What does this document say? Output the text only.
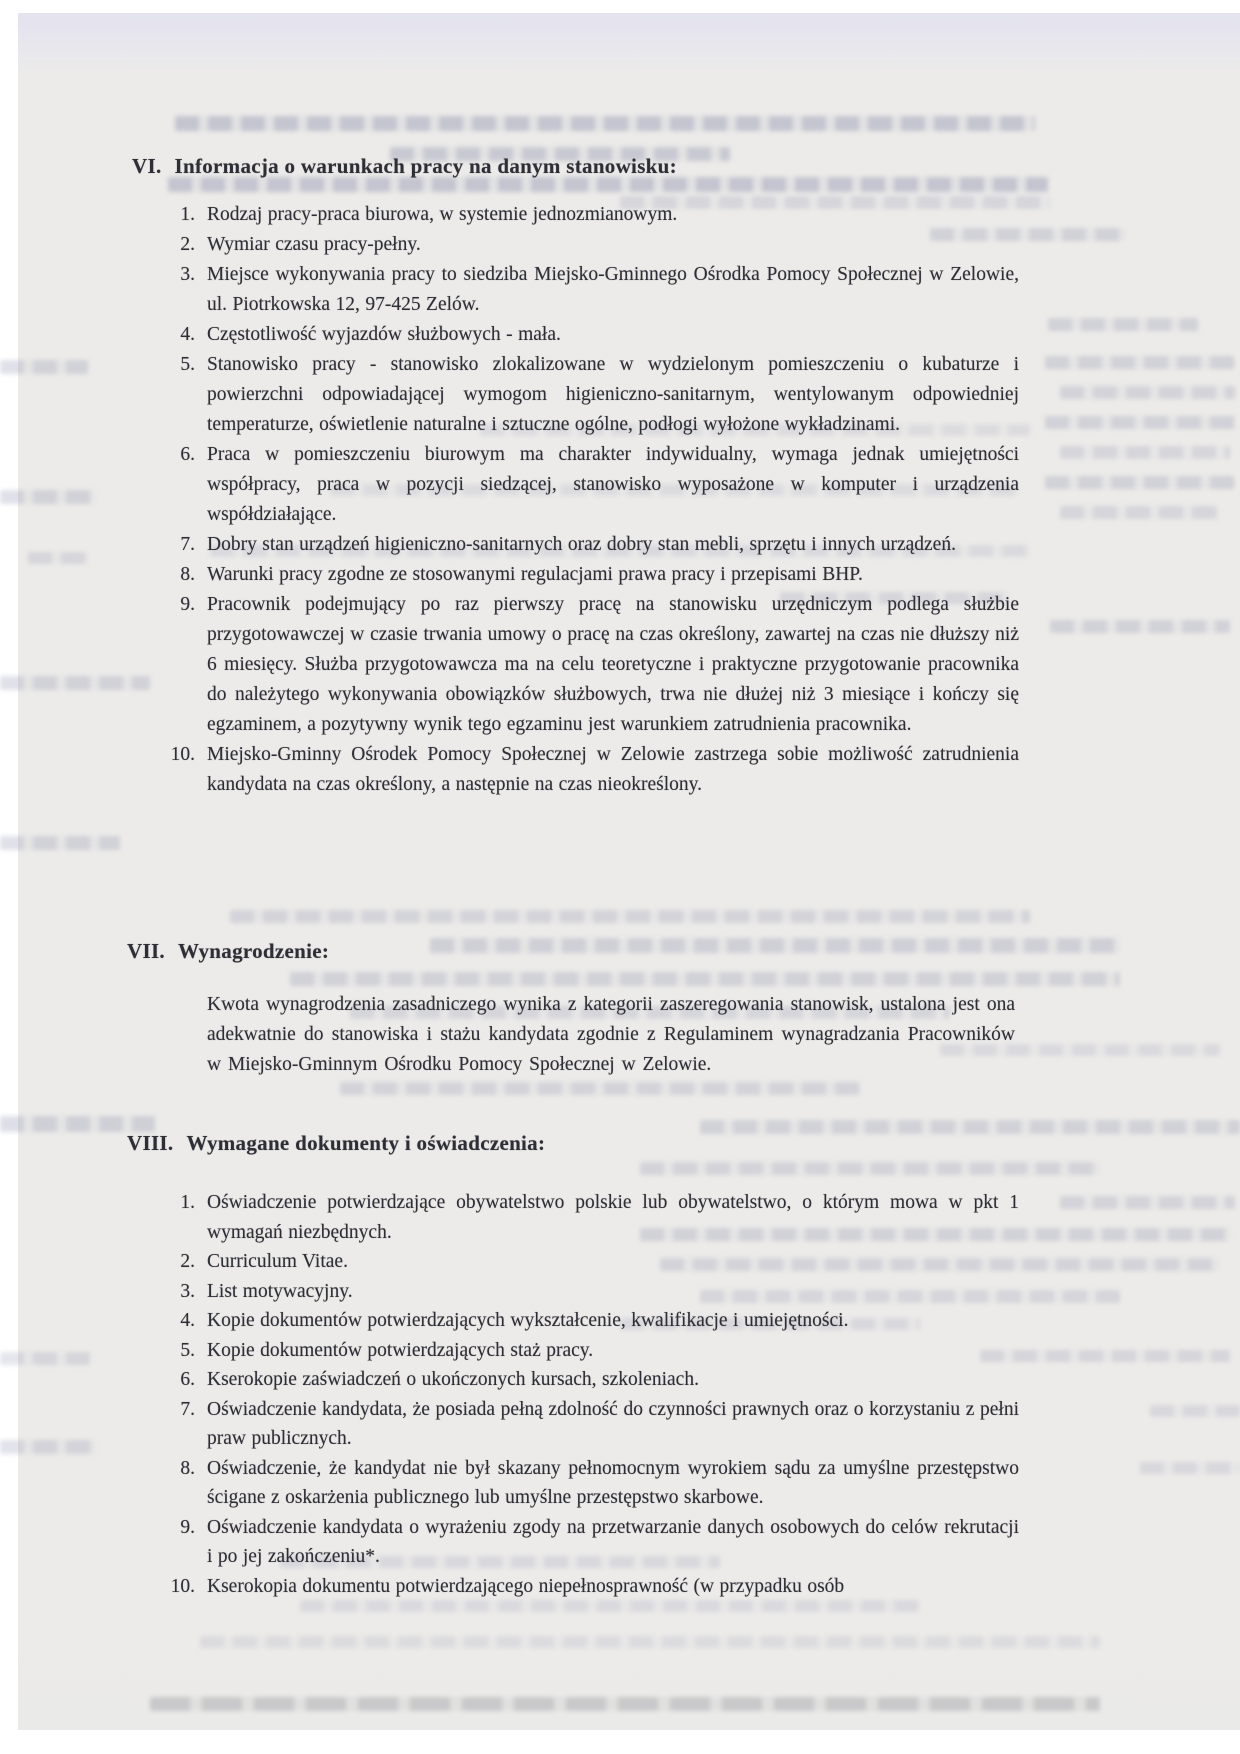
VI. Informacja o warunkach pracy na danym stanowisku:
1. Rodzaj pracy-praca biurowa, w systemie jednozmianowym.
2. Wymiar czasu pracy-pełny.
3. Miejsce wykonywania pracy to siedziba Miejsko-Gminnego Ośrodka Pomocy Społecznej w Zelowie, ul. Piotrkowska 12, 97-425 Zelów.
4. Częstotliwość wyjazdów służbowych - mała.
5. Stanowisko pracy - stanowisko zlokalizowane w wydzielonym pomieszczeniu o kubaturze i powierzchni odpowiadającej wymogom higieniczno-sanitarnym, wentylowanym odpowiedniej temperaturze, oświetlenie naturalne i sztuczne ogólne, podłogi wyłożone wykładzinami.
6. Praca w pomieszczeniu biurowym ma charakter indywidualny, wymaga jednak umiejętności współpracy, praca w pozycji siedzącej, stanowisko wyposażone w komputer i urządzenia współdziałające.
7. Dobry stan urządzeń higieniczno-sanitarnych oraz dobry stan mebli, sprzętu i innych urządzeń.
8. Warunki pracy zgodne ze stosowanymi regulacjami prawa pracy i przepisami BHP.
9. Pracownik podejmujący po raz pierwszy pracę na stanowisku urzędniczym podlega służbie przygotowawczej w czasie trwania umowy o pracę na czas określony, zawartej na czas nie dłuższy niż 6 miesięcy. Służba przygotowawcza ma na celu teoretyczne i praktyczne przygotowanie pracownika do należytego wykonywania obowiązków służbowych, trwa nie dłużej niż 3 miesiące i kończy się egzaminem, a pozytywny wynik tego egzaminu jest warunkiem zatrudnienia pracownika.
10. Miejsko-Gminny Ośrodek Pomocy Społecznej w Zelowie zastrzega sobie możliwość zatrudnienia kandydata na czas określony, a następnie na czas nieokreślony.
VII. Wynagrodzenie:

Kwota wynagrodzenia zasadniczego wynika z kategorii zaszeregowania stanowisk, ustalona jest ona adekwatnie do stanowiska i stażu kandydata zgodnie z Regulaminem wynagradzania Pracowników w Miejsko-Gminnym Ośrodku Pomocy Społecznej w Zelowie.

VIII. Wymagane dokumenty i oświadczenia:
1. Oświadczenie potwierdzające obywatelstwo polskie lub obywatelstwo, o którym mowa w pkt 1 wymagań niezbędnych.
2. Curriculum Vitae.
3. List motywacyjny.
4. Kopie dokumentów potwierdzających wykształcenie, kwalifikacje i umiejętności.
5. Kopie dokumentów potwierdzających staż pracy.
6. Kserokopie zaświadczeń o ukończonych kursach, szkoleniach.
7. Oświadczenie kandydata, że posiada pełną zdolność do czynności prawnych oraz o korzystaniu z pełni praw publicznych.
8. Oświadczenie, że kandydat nie był skazany pełnomocnym wyrokiem sądu za umyślne przestępstwo ścigane z oskarżenia publicznego lub umyślne przestępstwo skarbowe.
9. Oświadczenie kandydata o wyrażeniu zgody na przetwarzanie danych osobowych do celów rekrutacji i po jej zakończeniu*.
10. Kserokopia dokumentu potwierdzającego niepełnosprawność (w przypadku osób
